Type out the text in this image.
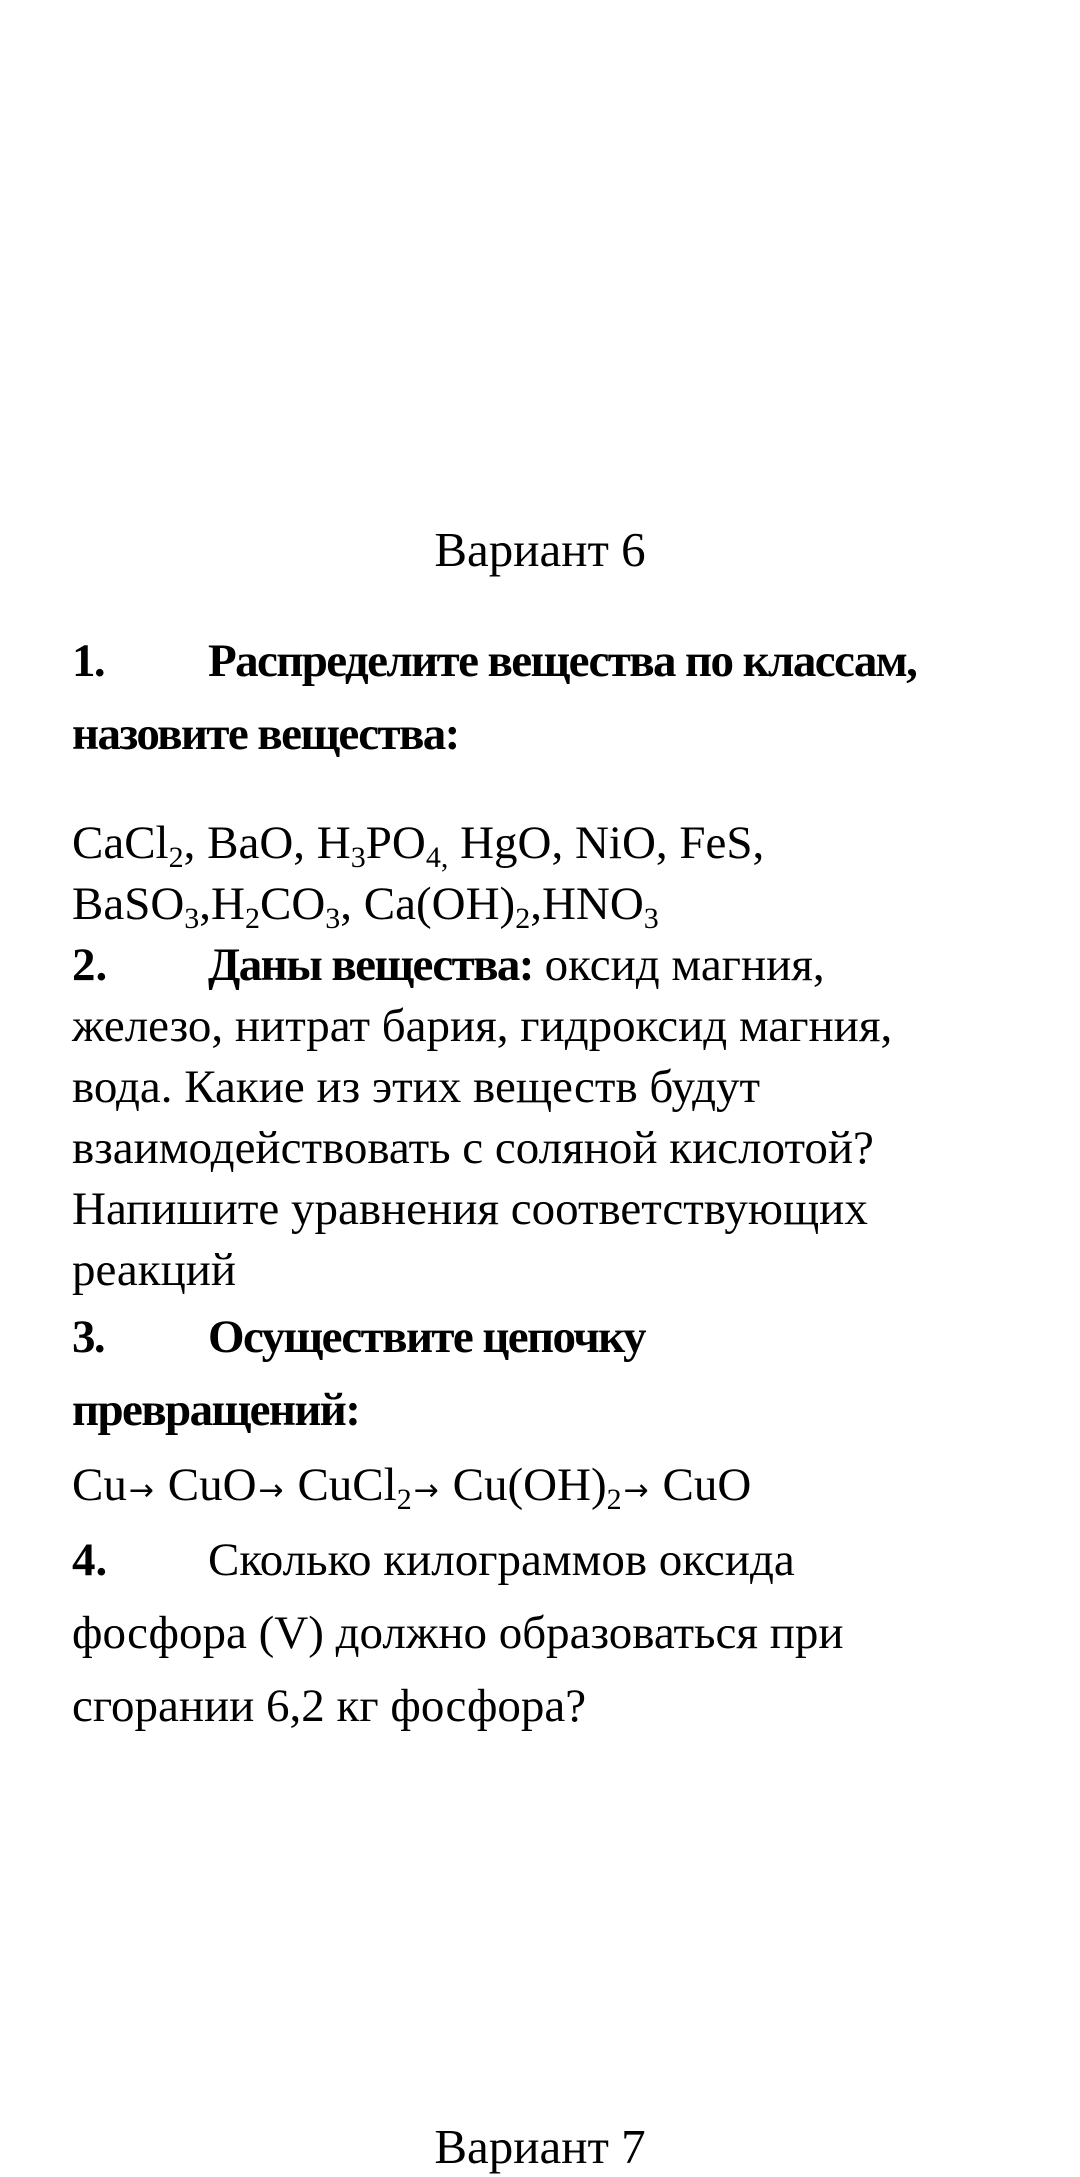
Вариант 6
1. Распределите вещества по классам,
назовите вещества:
CaCl$_2$, BaO, $H_3PO_{4,}$ HgO, NiO, FeS,
$BaSO_3,H_2CO_3$, $Ca(OH)_2,HNO_3$
2. Даны вещества: оксид магния,
железо, нитрат бария, гидроксид магния,
вода. Какие из этих веществ будут
взаимодействовать с соляной кислотой?
Напишите уравнения соответствующих
реакций
3. Осуществите цепочку
превращений:
Cu→ CuO→ CuCl$_2$→ $Cu(OH)_2\to$ CuO
4. Сколько килограммов оксида
фосфора (V) должно образоваться при
сгорании 6,2 кг фосфора?
Вариант 7
